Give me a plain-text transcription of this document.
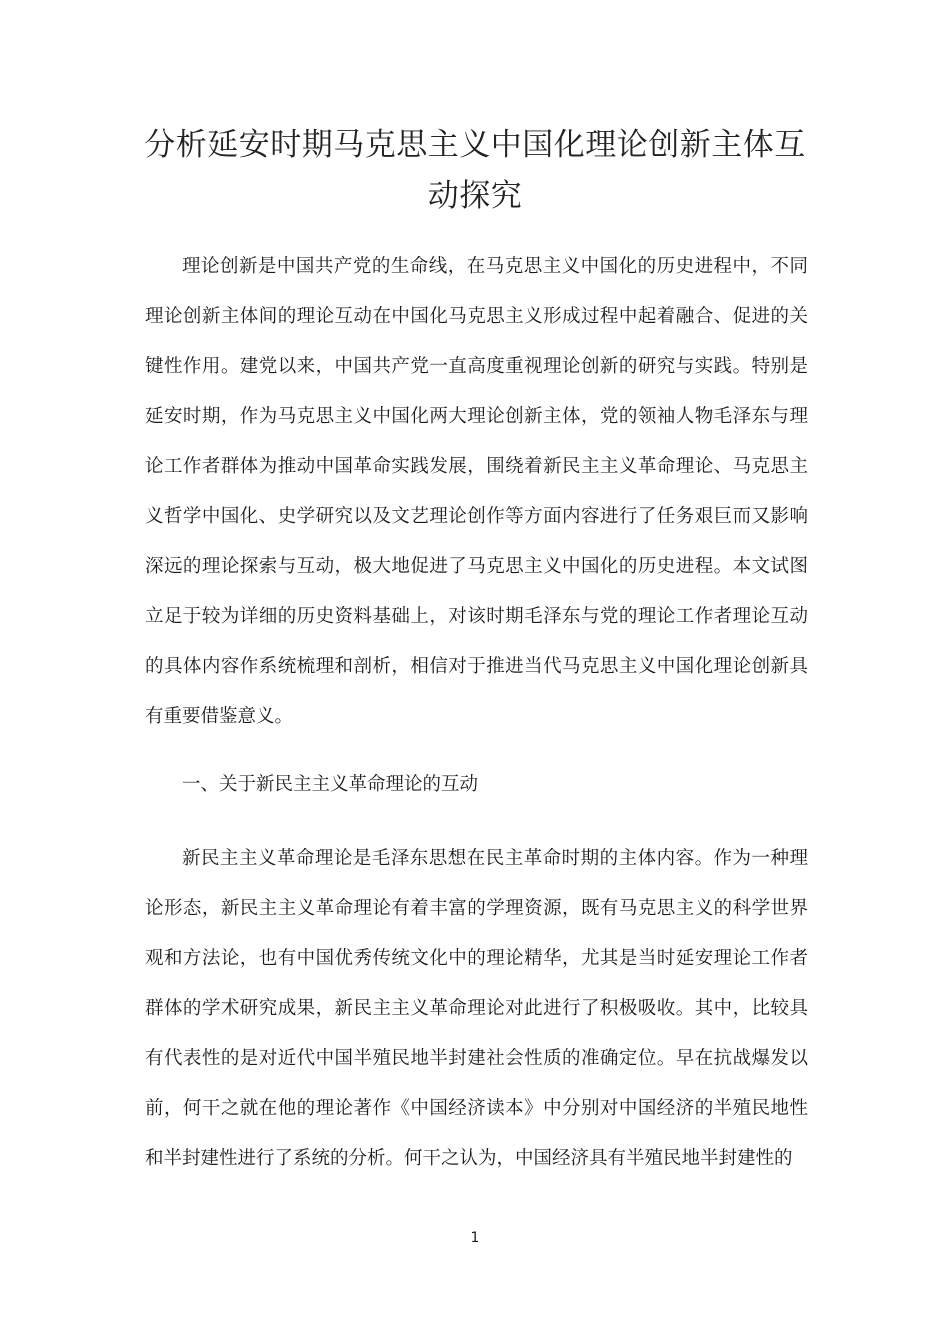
分析延安时期马克思主义中国化理论创新主体互动探究

理论创新是中国共产党的生命线，在马克思主义中国化的历史进程中，不同理论创新主体间的理论互动在中国化马克思主义形成过程中起着融合、促进的关键性作用。建党以来，中国共产党一直高度重视理论创新的研究与实践。特别是延安时期，作为马克思主义中国化两大理论创新主体，党的领袖人物毛泽东与理论工作者群体为推动中国革命实践发展，围绕着新民主主义革命理论、马克思主义哲学中国化、史学研究以及文艺理论创作等方面内容进行了任务艰巨而又影响深远的理论探索与互动，极大地促进了马克思主义中国化的历史进程。本文试图立足于较为详细的历史资料基础上，对该时期毛泽东与党的理论工作者理论互动的具体内容作系统梳理和剖析，相信对于推进当代马克思主义中国化理论创新具有重要借鉴意义。

一、关于新民主主义革命理论的互动

新民主主义革命理论是毛泽东思想在民主革命时期的主体内容。作为一种理论形态，新民主主义革命理论有着丰富的学理资源，既有马克思主义的科学世界观和方法论，也有中国优秀传统文化中的理论精华，尤其是当时延安理论工作者群体的学术研究成果，新民主主义革命理论对此进行了积极吸收。其中，比较具有代表性的是对近代中国半殖民地半封建社会性质的准确定位。早在抗战爆发以前，何干之就在他的理论著作《中国经济读本》中分别对中国经济的半殖民地性和半封建性进行了系统的分析。何干之认为，中国经济具有半殖民地半封建性的

1
